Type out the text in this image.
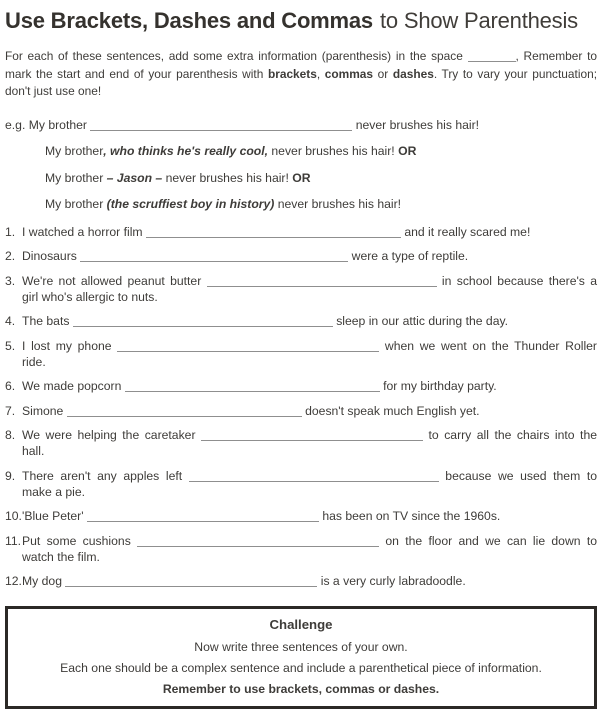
Use Brackets, Dashes and Commas to Show Parenthesis

For each of these sentences, add some extra information (parenthesis) in the space	, Remember to mark the start and end of your parenthesis with brackets, commas or dashes. Try to vary your punctuation; don't just use one!

e.g. My brother	never brushes his hair!
My brother, who thinks he's really cool, never brushes his hair! OR
My brother – Jason – never brushes his hair! OR
My brother (the scruffiest boy in history) never brushes his hair!
1. I watched a horror film	and it really scared me!
2. Dinosaurs	were a type of reptile.
3. We're not allowed peanut butter	in school because there's a girl who's allergic to nuts.
4. The bats	sleep in our attic during the day.
5. I lost my phone	when we went on the Thunder Roller ride.
6. We made popcorn	for my birthday party.
7. Simone	doesn't speak much English yet.
8. We were helping the caretaker	to carry all the chairs into the hall.
9. There aren't any apples left	because we used them to make a pie.
10.'Blue Peter'	has been on TV since the 1960s.
11.Put some cushions	on the floor and we can lie down to watch the film.
12.My dog	is a very curly labradoodle.
Challenge
Now write three sentences of your own.
Each one should be a complex sentence and include a parenthetical piece of information.
Remember to use brackets, commas or dashes.
